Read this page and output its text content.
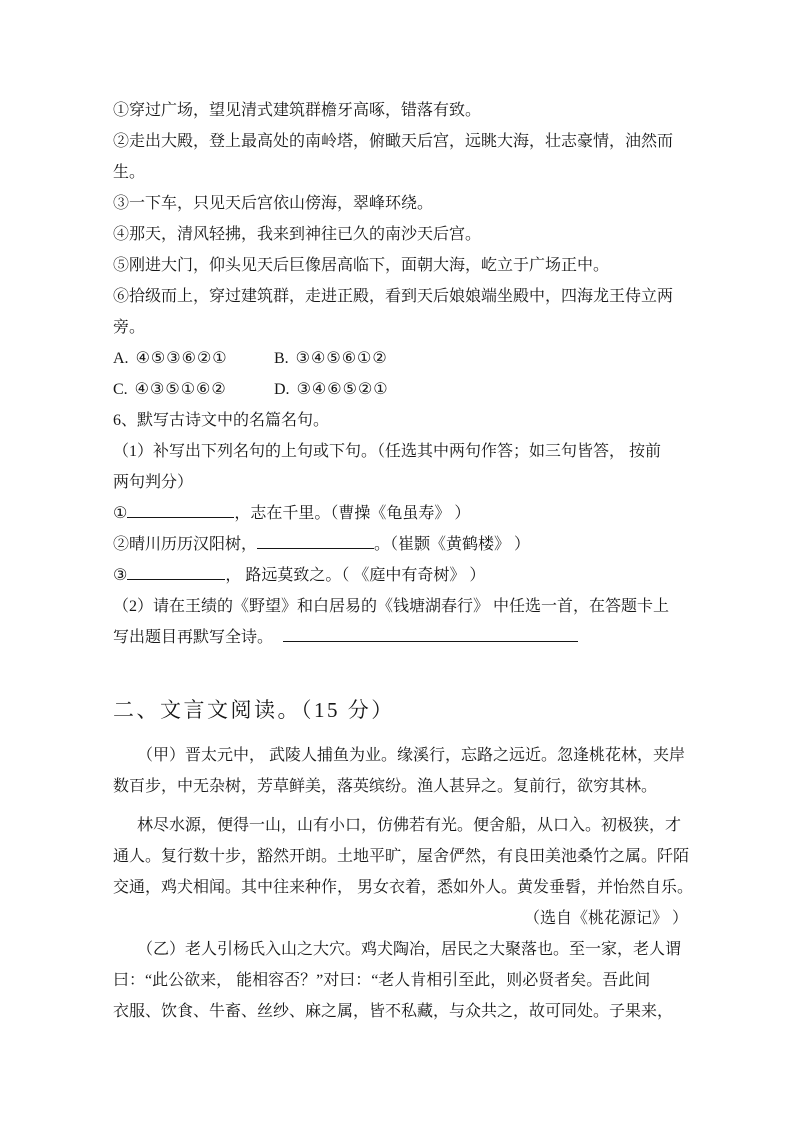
①穿过广场，望见清式建筑群檐牙高啄，错落有致。
②走出大殿，登上最高处的南岭塔，俯瞰天后宫，远眺大海，壮志豪情，油然而
生。
③一下车，只见天后宫依山傍海，翠峰环绕。
④那天，清风轻拂，我来到神往已久的南沙天后宫。
⑤刚进大门，仰头见天后巨像居高临下，面朝大海，屹立于广场正中。
⑥拾级而上，穿过建筑群，走进正殿，看到天后娘娘端坐殿中，四海龙王侍立两
旁。
A. ④⑤③⑥②①	B. ③④⑤⑥①②
C. ④③⑤①⑥②	D. ③④⑥⑤②①
6、默写古诗文中的名篇名句。
（1）补写出下列名句的上句或下句。（任选其中两句作答；如三句皆答， 按前
两句判分）
①	，志在千里。（曹操《龟虽寿》 ）
②晴川历历汉阳树，	。（崔颢《黄鹤楼》 ）
③	， 路远莫致之。（ 《庭中有奇树》 ）
（2）请在王绩的《野望》和白居易的《钱塘湖春行》 中任选一首，在答题卡上
写出题目再默写全诗。
二、文言文阅读。（15 分）
（甲）晋太元中， 武陵人捕鱼为业。缘溪行，忘路之远近。忽逢桃花林，夹岸
数百步，中无杂树，芳草鲜美，落英缤纷。渔人甚异之。复前行，欲穷其林。
林尽水源，便得一山，山有小口，仿佛若有光。便舍船，从口入。初极狭，才
通人。复行数十步，豁然开朗。土地平旷，屋舍俨然，有良田美池桑竹之属。阡陌
交通，鸡犬相闻。其中往来种作， 男女衣着，悉如外人。黄发垂髫，并怡然自乐。
（选自《桃花源记》 ）
（乙）老人引杨氏入山之大穴。鸡犬陶冶，居民之大聚落也。至一家，老人谓
曰：“此公欲来， 能相容否？”对曰：“老人肯相引至此，则必贤者矣。吾此间
衣服、饮食、牛畜、丝纱、麻之属，皆不私藏，与众共之，故可同处。子果来，
